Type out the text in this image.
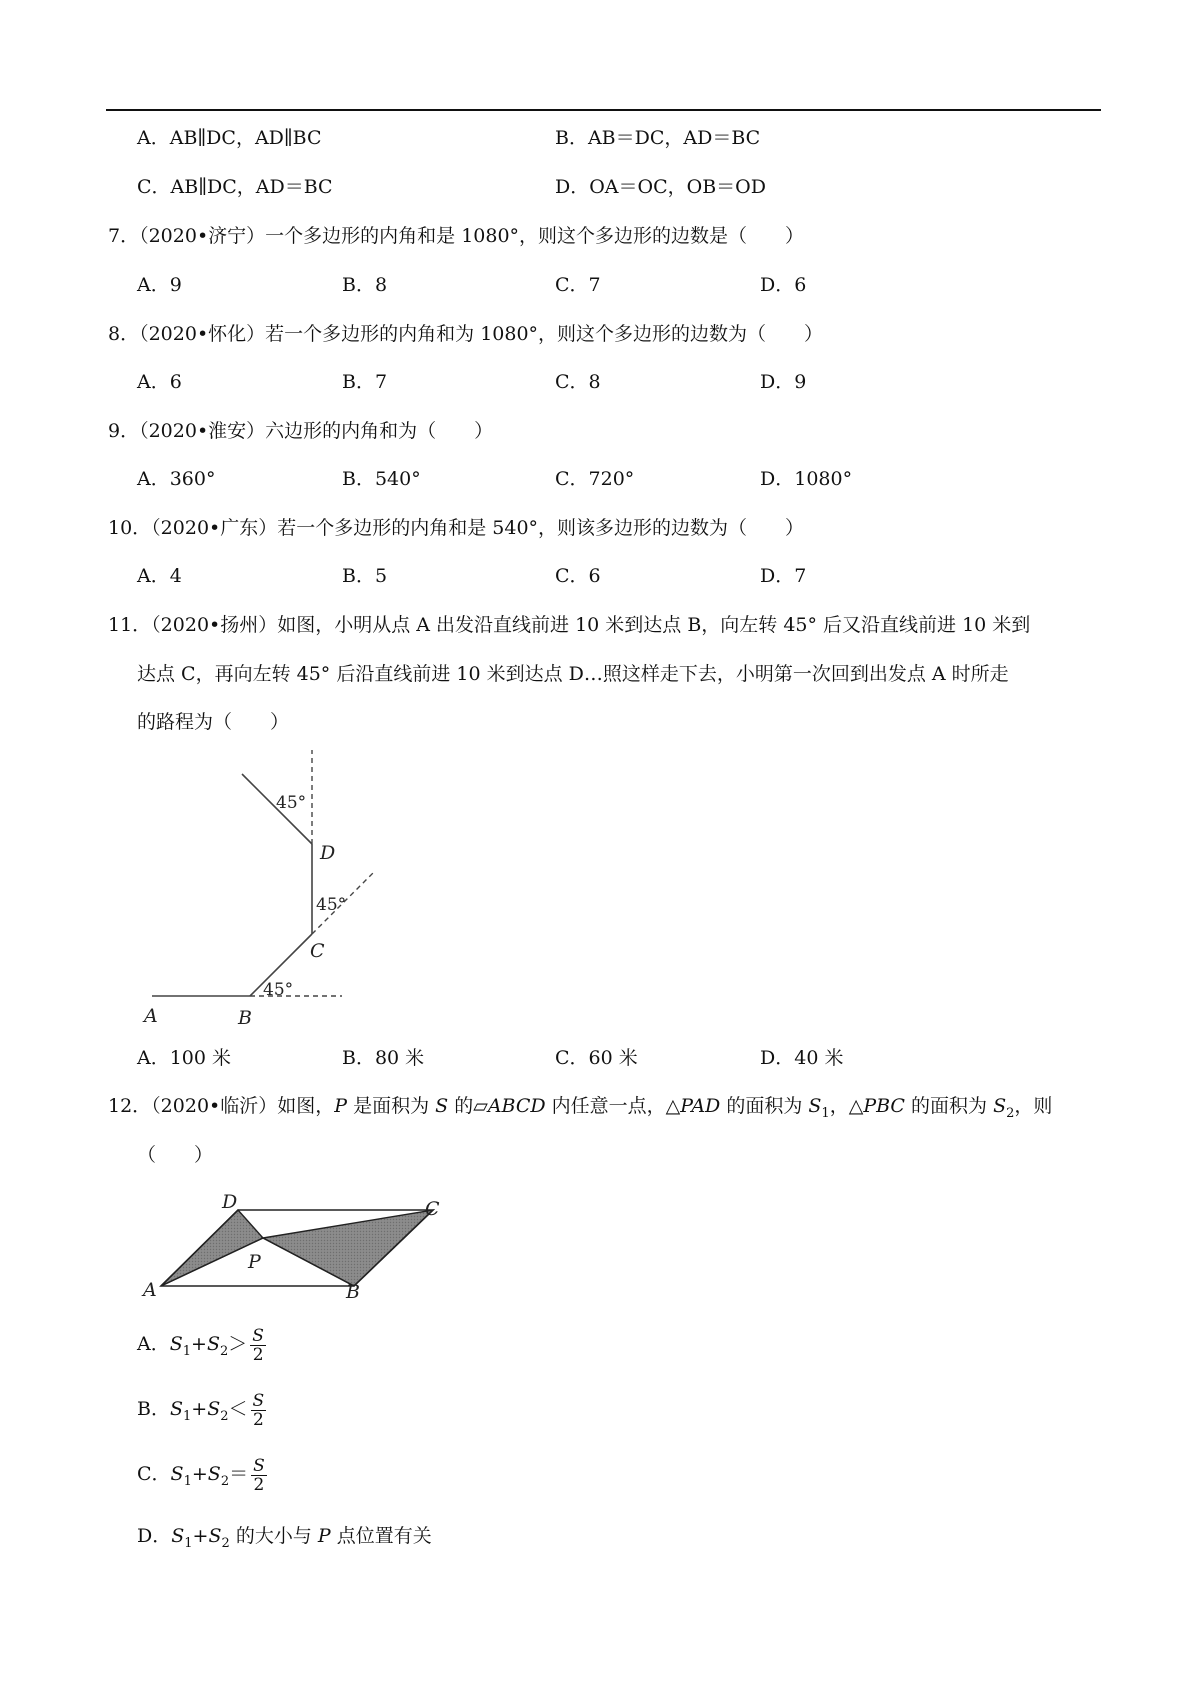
A．AB∥DC，AD∥BC	B．AB＝DC，AD＝BC
C．AB∥DC，AD＝BC	D．OA＝OC，OB＝OD
7．（2020•济宁）一个多边形的内角和是 1080°，则这个多边形的边数是（　　）
A．9	B．8	C．7	D．6
8．（2020•怀化）若一个多边形的内角和为 1080°，则这个多边形的边数为（　　）
A．6	B．7	C．8	D．9
9．（2020•淮安）六边形的内角和为（　　）
A．360°	B．540°	C．720°	D．1080°
10．（2020•广东）若一个多边形的内角和是 540°，则该多边形的边数为（　　）
A．4	B．5	C．6	D．7
11．（2020•扬州）如图，小明从点 A 出发沿直线前进 10 米到达点 B，向左转 45° 后又沿直线前进 10 米到
达点 C，再向左转 45° 后沿直线前进 10 米到达点 D…照这样走下去，小明第一次回到出发点 A 时所走
的路程为（　　）
A	B
C
D
45°
45°
45°
A．100 米	B．80 米	C．60 米	D．40 米
12．（2020•临沂）如图，P 是面积为 S 的▱ABCD 内任意一点，△PAD 的面积为 $S_1$，△PBC 的面积为 $S_2$，则
（　　）
A	B
C
D
P
A．$S_1+S_2> \frac{S}{2}$
B．$S_1+S_2< \frac{S}{2}$
C．$S_1+S_2= \frac{S}{2}$
D．$S_1+S_2$ 的大小与 P 点位置有关
